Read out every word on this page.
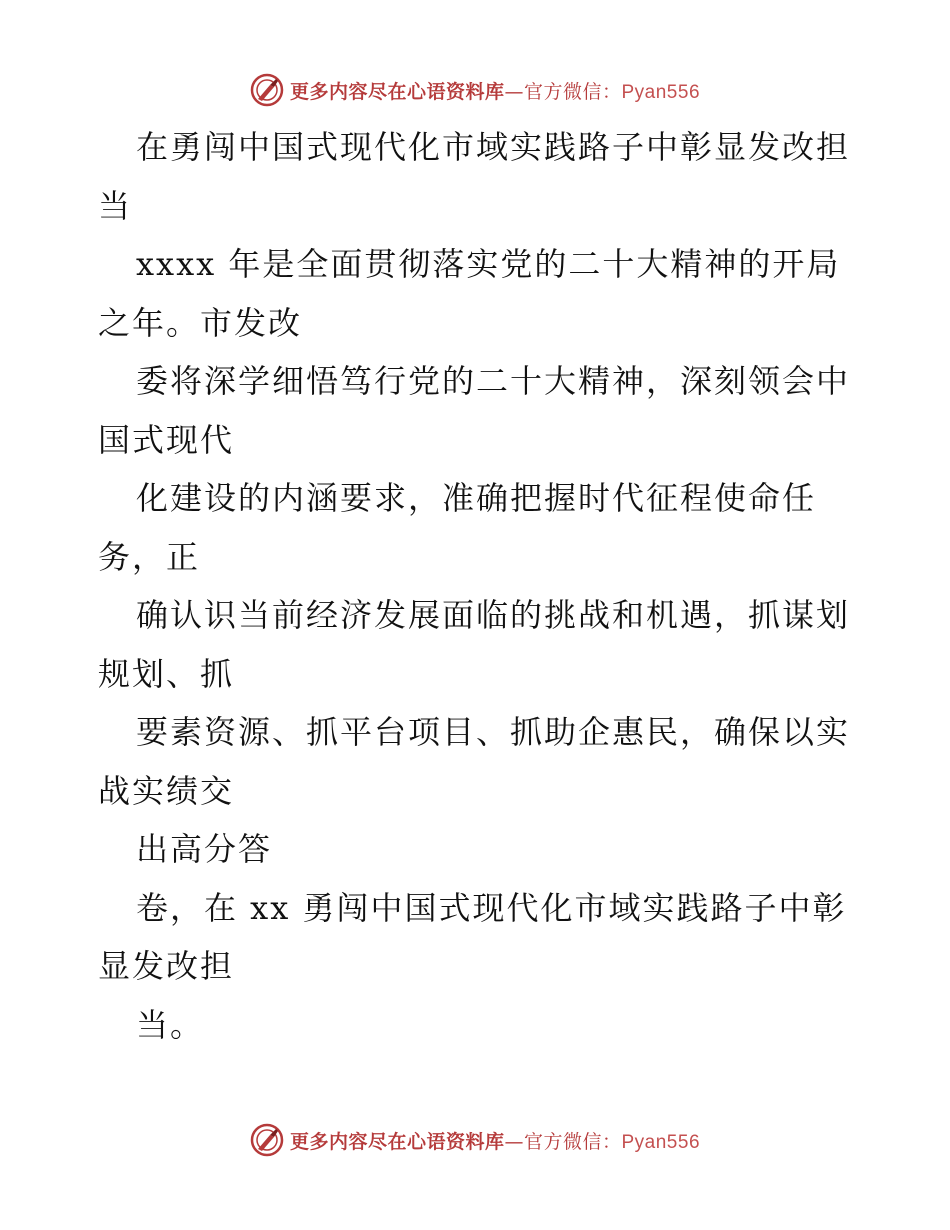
更多内容尽在心语资料库—官方微信：Pyan556
在勇闯中国式现代化市域实践路子中彰显发改担
当
xxxx 年是全面贯彻落实党的二十大精神的开局
之年。市发改
委将深学细悟笃行党的二十大精神，深刻领会中
国式现代
化建设的内涵要求，准确把握时代征程使命任
务，正
确认识当前经济发展面临的挑战和机遇，抓谋划
规划、抓
要素资源、抓平台项目、抓助企惠民，确保以实
战实绩交
出高分答
卷，在 xx 勇闯中国式现代化市域实践路子中彰
显发改担
当。
更多内容尽在心语资料库—官方微信：Pyan556
